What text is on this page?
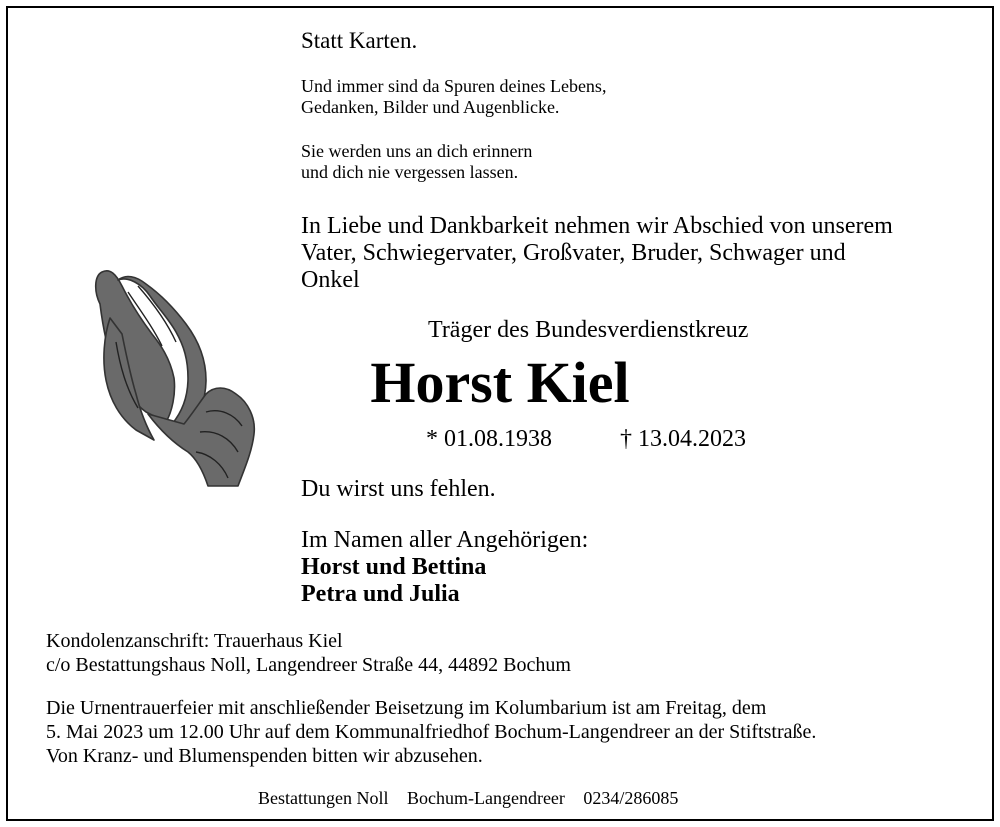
Statt Karten.
Und immer sind da Spuren deines Lebens,
Gedanken, Bilder und Augenblicke.
Sie werden uns an dich erinnern
und dich nie vergessen lassen.
In Liebe und Dankbarkeit nehmen wir Abschied von unserem
Vater, Schwiegervater, Großvater, Bruder, Schwager und
Onkel
Träger des Bundesverdienstkreuz
Horst Kiel
* 01.08.1938	† 13.04.2023
Du wirst uns fehlen.
Im Namen aller Angehörigen:
Horst und Bettina
Petra und Julia
Kondolenzanschrift: Trauerhaus Kiel
c/o Bestattungshaus Noll, Langendreer Straße 44, 44892 Bochum
Die Urnentrauerfeier mit anschließender Beisetzung im Kolumbarium ist am Freitag, dem
5. Mai 2023 um 12.00 Uhr auf dem Kommunalfriedhof Bochum-Langendreer an der Stiftstraße.
Von Kranz- und Blumenspenden bitten wir abzusehen.
Bestattungen Noll Bochum-Langendreer 0234/286085
